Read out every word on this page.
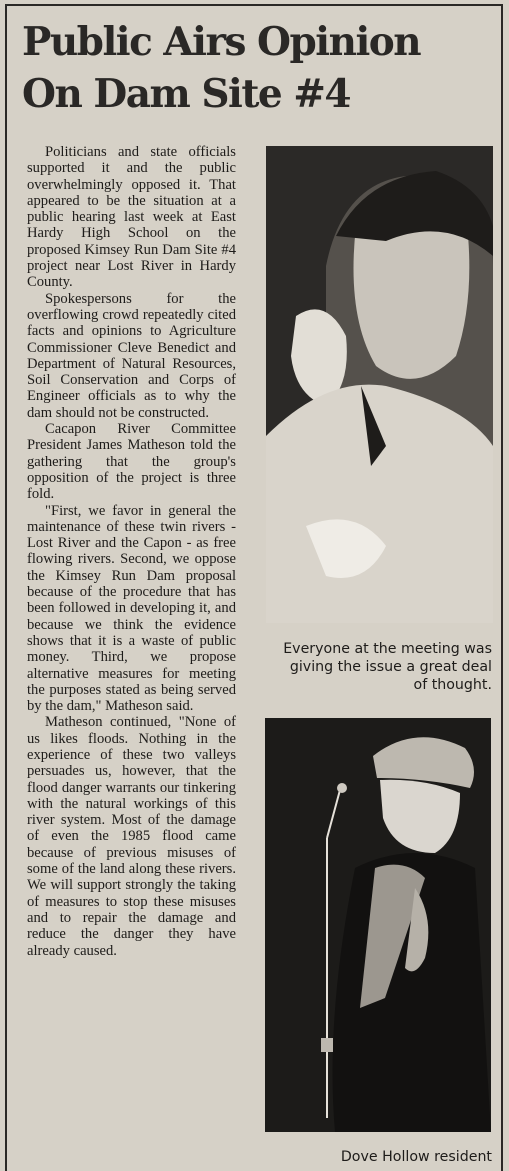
Public Airs Opinion
On Dam Site #4

Politicians and state officials supported it and the public overwhelmingly opposed it. That appeared to be the situation at a public hearing last week at East Hardy High School on the proposed Kimsey Run Dam Site #4 project near Lost River in Hardy County.

Spokespersons for the overflowing crowd repeatedly cited facts and opinions to Agriculture Commissioner Cleve Benedict and Department of Natural Resources, Soil Conservation and Corps of Engineer officials as to why the dam should not be constructed.

Cacapon River Committee President James Matheson told the gathering that the group's opposition of the project is three fold.

"First, we favor in general the maintenance of these twin rivers - Lost River and the Capon - as free flowing rivers. Second, we oppose the Kimsey Run Dam proposal because of the procedure that has been followed in developing it, and because we think the evidence shows that it is a waste of public money. Third, we propose alternative measures for meeting the purposes stated as being served by the dam," Matheson said.

Matheson continued, "None of us likes floods. Nothing in the experience of these two valleys persuades us, however, that the flood danger warrants our tinkering with the natural workings of this river system. Most of the damage of even the 1985 flood came because of previous misuses of some of the land along these rivers. We will support strongly the taking of measures to stop these misuses and to repair the damage and reduce the danger they have already caused.

Everyone at the meeting was giving the issue a great deal of thought.
Dove Hollow resident
